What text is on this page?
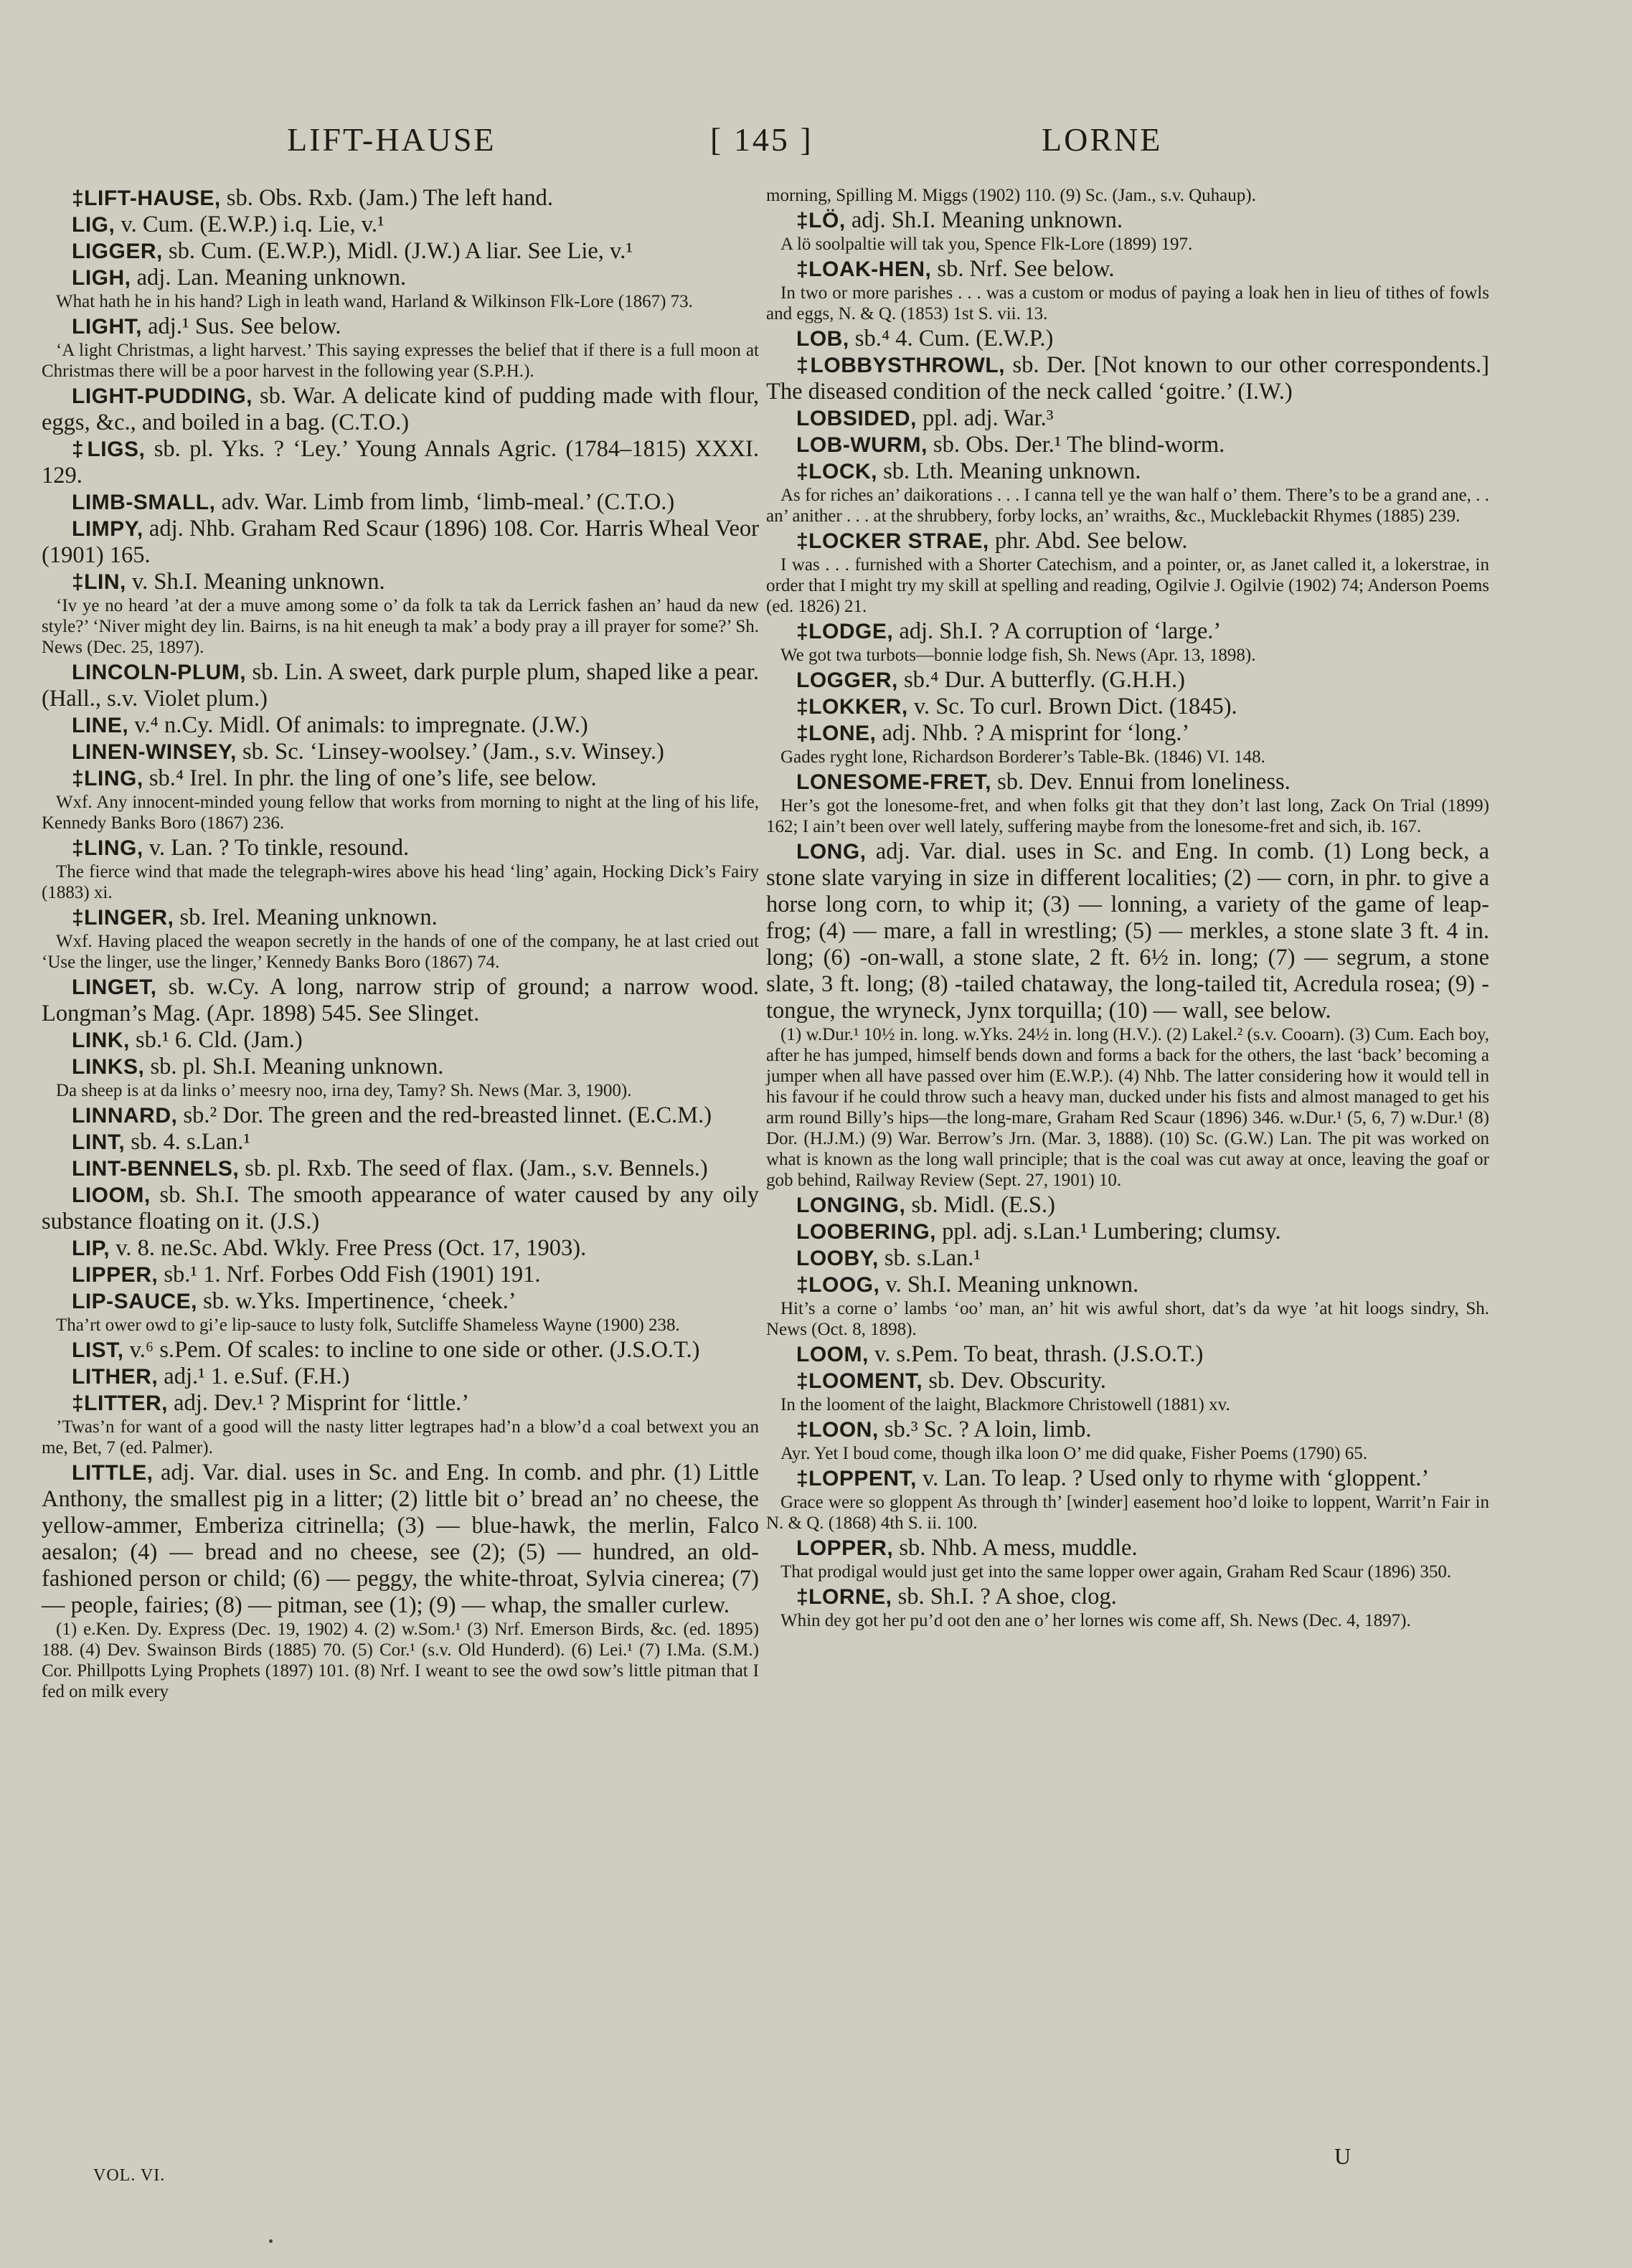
LIFT-HAUSE	[ 145 ]	LORNE

‡LIFT-HAUSE, sb. Obs. Rxb. (Jam.) The left hand.

LIG, v. Cum. (E.W.P.) i.q. Lie, v.¹

LIGGER, sb. Cum. (E.W.P.), Midl. (J.W.) A liar. See Lie, v.¹

LIGH, adj. Lan. Meaning unknown.

What hath he in his hand? Ligh in leath wand, Harland & Wilkinson Flk-Lore (1867) 73.

LIGHT, adj.¹ Sus. See below.

‘A light Christmas, a light harvest.’ This saying expresses the belief that if there is a full moon at Christmas there will be a poor harvest in the following year (S.P.H.).

LIGHT-PUDDING, sb. War. A delicate kind of pudding made with flour, eggs, &c., and boiled in a bag. (C.T.O.)

‡LIGS, sb. pl. Yks. ? ‘Ley.’ Young Annals Agric. (1784–1815) XXXI. 129.

LIMB-SMALL, adv. War. Limb from limb, ‘limb-meal.’ (C.T.O.)

LIMPY, adj. Nhb. Graham Red Scaur (1896) 108. Cor. Harris Wheal Veor (1901) 165.

‡LIN, v. Sh.I. Meaning unknown.

‘Iv ye no heard ’at der a muve among some o’ da folk ta tak da Lerrick fashen an’ haud da new style?’ ‘Niver might dey lin. Bairns, is na hit eneugh ta mak’ a body pray a ill prayer for some?’ Sh. News (Dec. 25, 1897).

LINCOLN-PLUM, sb. Lin. A sweet, dark purple plum, shaped like a pear. (Hall., s.v. Violet plum.)

LINE, v.⁴ n.Cy. Midl. Of animals: to impregnate. (J.W.)

LINEN-WINSEY, sb. Sc. ‘Linsey-woolsey.’ (Jam., s.v. Winsey.)

‡LING, sb.⁴ Irel. In phr. the ling of one’s life, see below.

Wxf. Any innocent-minded young fellow that works from morning to night at the ling of his life, Kennedy Banks Boro (1867) 236.

‡LING, v. Lan. ? To tinkle, resound.

The fierce wind that made the telegraph-wires above his head ‘ling’ again, Hocking Dick’s Fairy (1883) xi.

‡LINGER, sb. Irel. Meaning unknown.

Wxf. Having placed the weapon secretly in the hands of one of the company, he at last cried out ‘Use the linger, use the linger,’ Kennedy Banks Boro (1867) 74.

LINGET, sb. w.Cy. A long, narrow strip of ground; a narrow wood. Longman’s Mag. (Apr. 1898) 545. See Slinget.

LINK, sb.¹ 6. Cld. (Jam.)

LINKS, sb. pl. Sh.I. Meaning unknown.

Da sheep is at da links o’ meesry noo, irna dey, Tamy? Sh. News (Mar. 3, 1900).

LINNARD, sb.² Dor. The green and the red-breasted linnet. (E.C.M.)

LINT, sb. 4. s.Lan.¹

LINT-BENNELS, sb. pl. Rxb. The seed of flax. (Jam., s.v. Bennels.)

LIOOM, sb. Sh.I. The smooth appearance of water caused by any oily substance floating on it. (J.S.)

LIP, v. 8. ne.Sc. Abd. Wkly. Free Press (Oct. 17, 1903).

LIPPER, sb.¹ 1. Nrf. Forbes Odd Fish (1901) 191.

LIP-SAUCE, sb. w.Yks. Impertinence, ‘cheek.’

Tha’rt ower owd to gi’e lip-sauce to lusty folk, Sutcliffe Shameless Wayne (1900) 238.

LIST, v.⁶ s.Pem. Of scales: to incline to one side or other. (J.S.O.T.)

LITHER, adj.¹ 1. e.Suf. (F.H.)

‡LITTER, adj. Dev.¹ ? Misprint for ‘little.’

’Twas’n for want of a good will the nasty litter legtrapes had’n a blow’d a coal betwext you an me, Bet, 7 (ed. Palmer).

LITTLE, adj. Var. dial. uses in Sc. and Eng. In comb. and phr. (1) Little Anthony, the smallest pig in a litter; (2) little bit o’ bread an’ no cheese, the yellow-ammer, Emberiza citrinella; (3) — blue-hawk, the merlin, Falco aesalon; (4) — bread and no cheese, see (2); (5) — hundred, an old-fashioned person or child; (6) — peggy, the white-throat, Sylvia cinerea; (7) — people, fairies; (8) — pitman, see (1); (9) — whap, the smaller curlew.

(1) e.Ken. Dy. Express (Dec. 19, 1902) 4. (2) w.Som.¹ (3) Nrf. Emerson Birds, &c. (ed. 1895) 188. (4) Dev. Swainson Birds (1885) 70. (5) Cor.¹ (s.v. Old Hunderd). (6) Lei.¹ (7) I.Ma. (S.M.) Cor. Phillpotts Lying Prophets (1897) 101. (8) Nrf. I weant to see the owd sow’s little pitman that I fed on milk every

morning, Spilling M. Miggs (1902) 110. (9) Sc. (Jam., s.v. Quhaup).

‡LÖ, adj. Sh.I. Meaning unknown.

A lö soolpaltie will tak you, Spence Flk-Lore (1899) 197.

‡LOAK-HEN, sb. Nrf. See below.

In two or more parishes . . . was a custom or modus of paying a loak hen in lieu of tithes of fowls and eggs, N. & Q. (1853) 1st S. vii. 13.

LOB, sb.⁴ 4. Cum. (E.W.P.)

‡LOBBYSTHROWL, sb. Der. [Not known to our other correspondents.] The diseased condition of the neck called ‘goitre.’ (I.W.)

LOBSIDED, ppl. adj. War.³

LOB-WURM, sb. Obs. Der.¹ The blind-worm.

‡LOCK, sb. Lth. Meaning unknown.

As for riches an’ daikorations . . . I canna tell ye the wan half o’ them. There’s to be a grand ane, . . an’ anither . . . at the shrubbery, forby locks, an’ wraiths, &c., Mucklebackit Rhymes (1885) 239.

‡LOCKER STRAE, phr. Abd. See below.

I was . . . furnished with a Shorter Catechism, and a pointer, or, as Janet called it, a lokerstrae, in order that I might try my skill at spelling and reading, Ogilvie J. Ogilvie (1902) 74; Anderson Poems (ed. 1826) 21.

‡LODGE, adj. Sh.I. ? A corruption of ‘large.’

We got twa turbots—bonnie lodge fish, Sh. News (Apr. 13, 1898).

LOGGER, sb.⁴ Dur. A butterfly. (G.H.H.)

‡LOKKER, v. Sc. To curl. Brown Dict. (1845).

‡LONE, adj. Nhb. ? A misprint for ‘long.’

Gades ryght lone, Richardson Borderer’s Table-Bk. (1846) VI. 148.

LONESOME-FRET, sb. Dev. Ennui from loneliness.

Her’s got the lonesome-fret, and when folks git that they don’t last long, Zack On Trial (1899) 162; I ain’t been over well lately, suffering maybe from the lonesome-fret and sich, ib. 167.

LONG, adj. Var. dial. uses in Sc. and Eng. In comb. (1) Long beck, a stone slate varying in size in different localities; (2) — corn, in phr. to give a horse long corn, to whip it; (3) — lonning, a variety of the game of leap-frog; (4) — mare, a fall in wrestling; (5) — merkles, a stone slate 3 ft. 4 in. long; (6) -on-wall, a stone slate, 2 ft. 6½ in. long; (7) — segrum, a stone slate, 3 ft. long; (8) -tailed chataway, the long-tailed tit, Acredula rosea; (9) -tongue, the wryneck, Jynx torquilla; (10) — wall, see below.

(1) w.Dur.¹ 10½ in. long. w.Yks. 24½ in. long (H.V.). (2) Lakel.² (s.v. Cooarn). (3) Cum. Each boy, after he has jumped, himself bends down and forms a back for the others, the last ‘back’ becoming a jumper when all have passed over him (E.W.P.). (4) Nhb. The latter considering how it would tell in his favour if he could throw such a heavy man, ducked under his fists and almost managed to get his arm round Billy’s hips—the long-mare, Graham Red Scaur (1896) 346. w.Dur.¹ (5, 6, 7) w.Dur.¹ (8) Dor. (H.J.M.) (9) War. Berrow’s Jrn. (Mar. 3, 1888). (10) Sc. (G.W.) Lan. The pit was worked on what is known as the long wall principle; that is the coal was cut away at once, leaving the goaf or gob behind, Railway Review (Sept. 27, 1901) 10.

LONGING, sb. Midl. (E.S.)

LOOBERING, ppl. adj. s.Lan.¹ Lumbering; clumsy.

LOOBY, sb. s.Lan.¹

‡LOOG, v. Sh.I. Meaning unknown.

Hit’s a corne o’ lambs ‘oo’ man, an’ hit wis awful short, dat’s da wye ’at hit loogs sindry, Sh. News (Oct. 8, 1898).

LOOM, v. s.Pem. To beat, thrash. (J.S.O.T.)

‡LOOMENT, sb. Dev. Obscurity.

In the looment of the laight, Blackmore Christowell (1881) xv.

‡LOON, sb.³ Sc. ? A loin, limb.

Ayr. Yet I boud come, though ilka loon O’ me did quake, Fisher Poems (1790) 65.

‡LOPPENT, v. Lan. To leap. ? Used only to rhyme with ‘gloppent.’

Grace were so gloppent As through th’ [winder] easement hoo’d loike to loppent, Warrit’n Fair in N. & Q. (1868) 4th S. ii. 100.

LOPPER, sb. Nhb. A mess, muddle.

That prodigal would just get into the same lopper ower again, Graham Red Scaur (1896) 350.

‡LORNE, sb. Sh.I. ? A shoe, clog.

Whin dey got her pu’d oot den ane o’ her lornes wis come aff, Sh. News (Dec. 4, 1897).

VOL. VI.
U
